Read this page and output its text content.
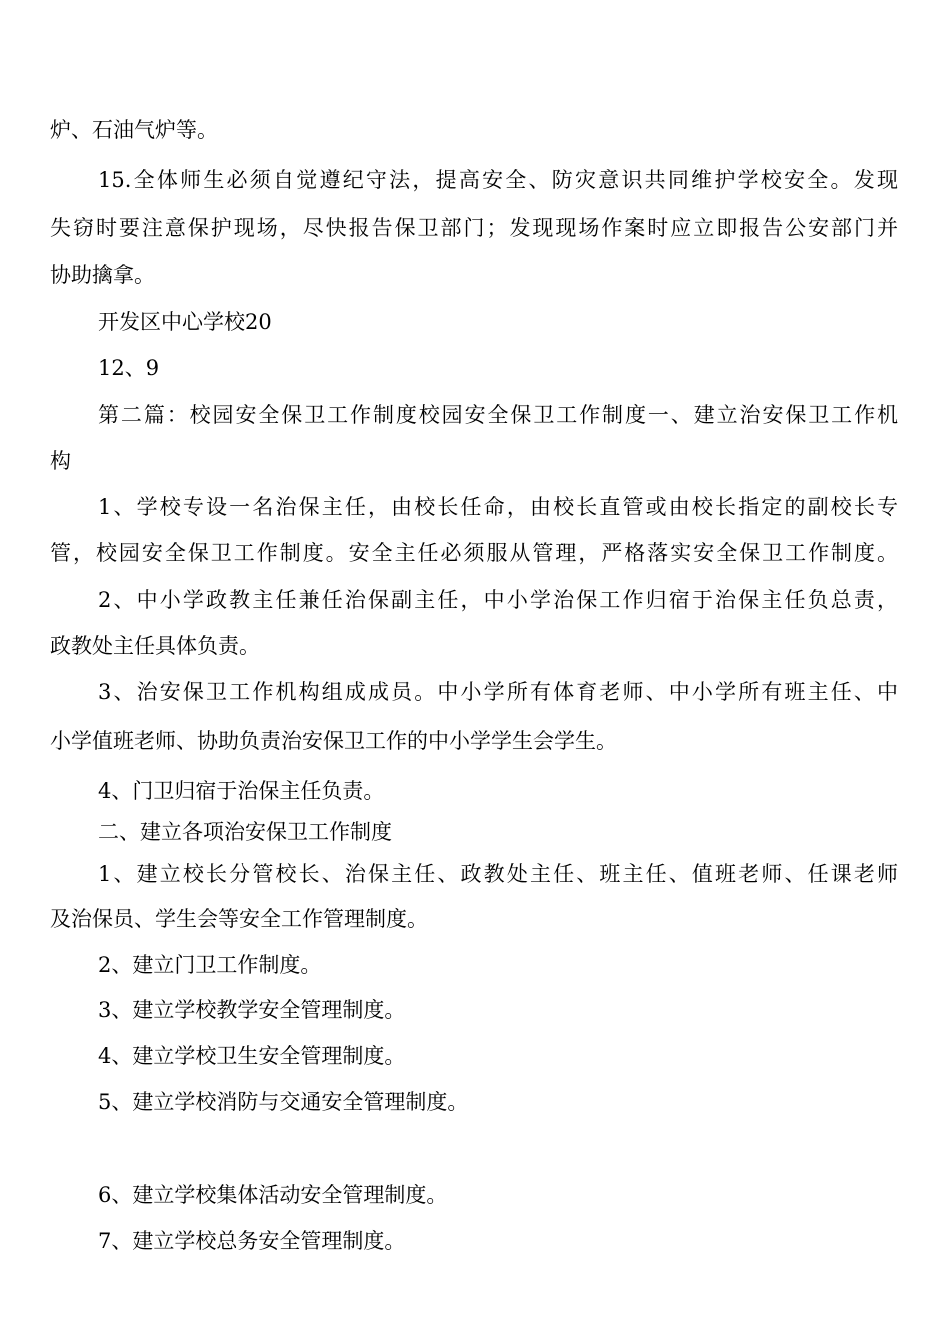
炉、石油气炉等。
15.全体师生必须自觉遵纪守法，提高安全、防灾意识共同维护学校安全。发现
失窃时要注意保护现场，尽快报告保卫部门；发现现场作案时应立即报告公安部门并
协助擒拿。
开发区中心学校20
12、9
第二篇：校园安全保卫工作制度校园安全保卫工作制度一、建立治安保卫工作机
构
1、学校专设一名治保主任，由校长任命，由校长直管或由校长指定的副校长专
管，校园安全保卫工作制度。安全主任必须服从管理，严格落实安全保卫工作制度。
2、中小学政教主任兼任治保副主任，中小学治保工作归宿于治保主任负总责，
政教处主任具体负责。
3、治安保卫工作机构组成成员。中小学所有体育老师、中小学所有班主任、中
小学值班老师、协助负责治安保卫工作的中小学学生会学生。
4、门卫归宿于治保主任负责。
二、建立各项治安保卫工作制度
1、建立校长分管校长、治保主任、政教处主任、班主任、值班老师、任课老师
及治保员、学生会等安全工作管理制度。
2、建立门卫工作制度。
3、建立学校教学安全管理制度。
4、建立学校卫生安全管理制度。
5、建立学校消防与交通安全管理制度。
6、建立学校集体活动安全管理制度。
7、建立学校总务安全管理制度。
